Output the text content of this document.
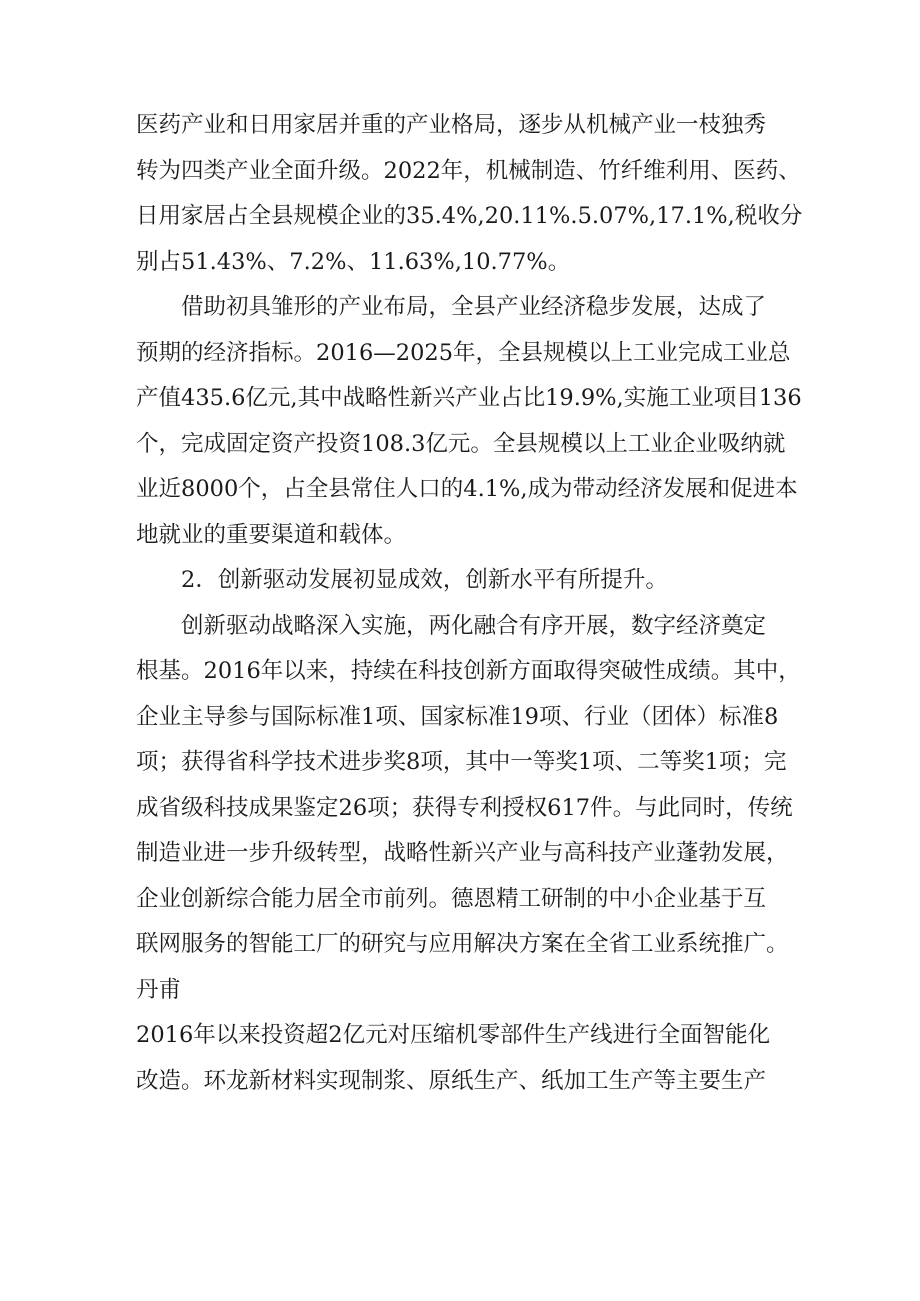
医药产业和日用家居并重的产业格局，逐步从机械产业一枝独秀
转为四类产业全面升级。2022年，机械制造、竹纤维利用、医药、
日用家居占全县规模企业的35.4%,20.11%.5.07%,17.1%,税收分
别占51.43%、7.2%、11.63%,10.77%。
借助初具雏形的产业布局，全县产业经济稳步发展，达成了
预期的经济指标。2016—2025年，全县规模以上工业完成工业总
产值435.6亿元,其中战略性新兴产业占比19.9%,实施工业项目136
个，完成固定资产投资108.3亿元。全县规模以上工业企业吸纳就
业近8000个，占全县常住人口的4.1%,成为带动经济发展和促进本
地就业的重要渠道和载体。
2．创新驱动发展初显成效，创新水平有所提升。
创新驱动战略深入实施，两化融合有序开展，数字经济奠定
根基。2016年以来，持续在科技创新方面取得突破性成绩。其中，
企业主导参与国际标准1项、国家标准19项、行业（团体）标准8
项；获得省科学技术进步奖8项，其中一等奖1项、二等奖1项；完
成省级科技成果鉴定26项；获得专利授权617件。与此同时，传统
制造业进一步升级转型，战略性新兴产业与高科技产业蓬勃发展，
企业创新综合能力居全市前列。德恩精工研制的中小企业基于互
联网服务的智能工厂的研究与应用解决方案在全省工业系统推广。
丹甫
2016年以来投资超2亿元对压缩机零部件生产线进行全面智能化
改造。环龙新材料实现制浆、原纸生产、纸加工生产等主要生产
